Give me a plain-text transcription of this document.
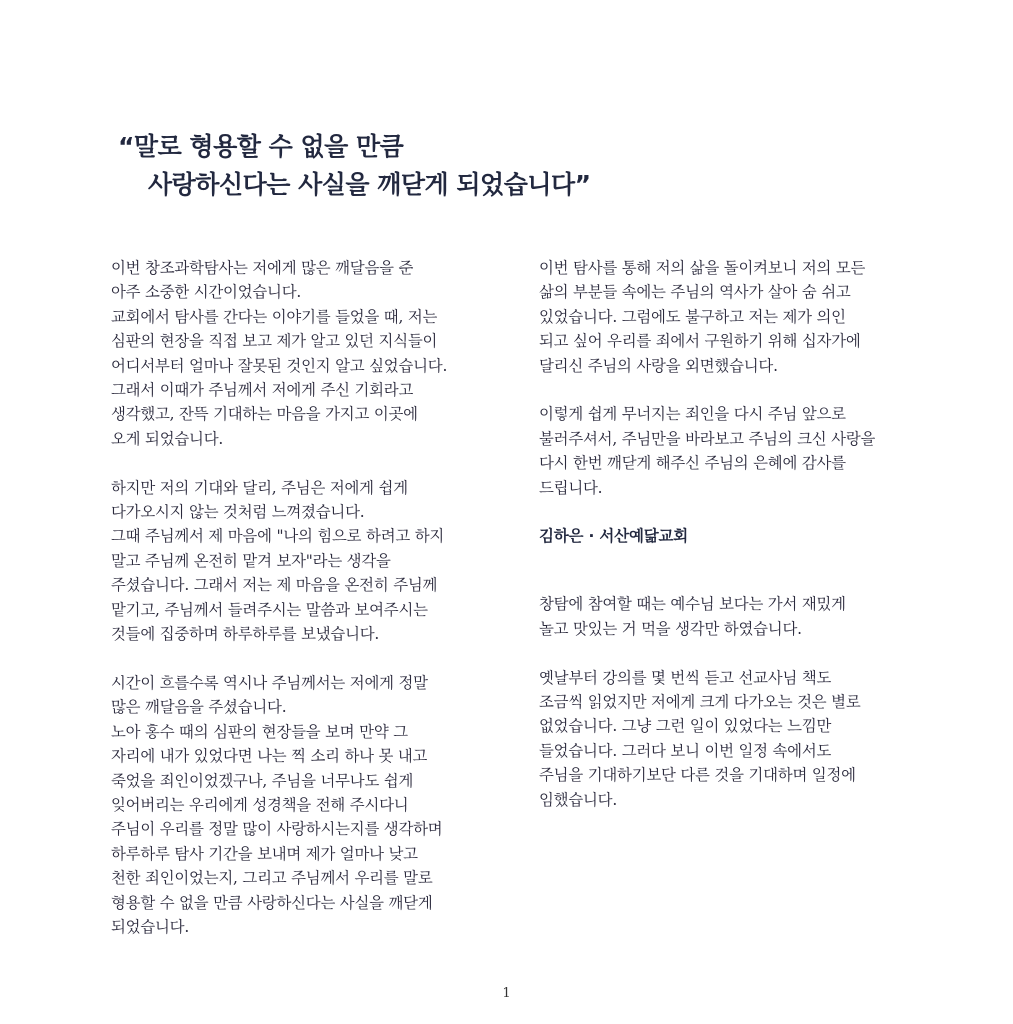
“말로 형용할 수 없을 만큼
사랑하신다는 사실을 깨닫게 되었습니다”

이번 창조과학탐사는 저에게 많은 깨달음을 준
아주 소중한 시간이었습니다.
교회에서 탐사를 간다는 이야기를 들었을 때, 저는
심판의 현장을 직접 보고 제가 알고 있던 지식들이
어디서부터 얼마나 잘못된 것인지 알고 싶었습니다.
그래서 이때가 주님께서 저에게 주신 기회라고
생각했고, 잔뜩 기대하는 마음을 가지고 이곳에
오게 되었습니다.

하지만 저의 기대와 달리, 주님은 저에게 쉽게
다가오시지 않는 것처럼 느껴졌습니다.
그때 주님께서 제 마음에 "나의 힘으로 하려고 하지
말고 주님께 온전히 맡겨 보자"라는 생각을
주셨습니다. 그래서 저는 제 마음을 온전히 주님께
맡기고, 주님께서 들려주시는 말씀과 보여주시는
것들에 집중하며 하루하루를 보냈습니다.

시간이 흐를수록 역시나 주님께서는 저에게 정말
많은 깨달음을 주셨습니다.
노아 홍수 때의 심판의 현장들을 보며 만약 그
자리에 내가 있었다면 나는 찍 소리 하나 못 내고
죽었을 죄인이었겠구나, 주님을 너무나도 쉽게
잊어버리는 우리에게 성경책을 전해 주시다니
주님이 우리를 정말 많이 사랑하시는지를 생각하며
하루하루 탐사 기간을 보내며 제가 얼마나 낮고
천한 죄인이었는지, 그리고 주님께서 우리를 말로
형용할 수 없을 만큼 사랑하신다는 사실을 깨닫게
되었습니다.

이번 탐사를 통해 저의 삶을 돌이켜보니 저의 모든
삶의 부분들 속에는 주님의 역사가 살아 숨 쉬고
있었습니다. 그럼에도 불구하고 저는 제가 의인
되고 싶어 우리를 죄에서 구원하기 위해 십자가에
달리신 주님의 사랑을 외면했습니다.

이렇게 쉽게 무너지는 죄인을 다시 주님 앞으로
불러주셔서, 주님만을 바라보고 주님의 크신 사랑을
다시 한번 깨닫게 해주신 주님의 은혜에 감사를
드립니다.

김하은 · 서산예닮교회

창탐에 참여할 때는 예수님 보다는 가서 재밌게
놀고 맛있는 거 먹을 생각만 하였습니다.

옛날부터 강의를 몇 번씩 듣고 선교사님 책도
조금씩 읽었지만 저에게 크게 다가오는 것은 별로
없었습니다. 그냥 그런 일이 있었다는 느낌만
들었습니다. 그러다 보니 이번 일정 속에서도
주님을 기대하기보단 다른 것을 기대하며 일정에
임했습니다.

1
